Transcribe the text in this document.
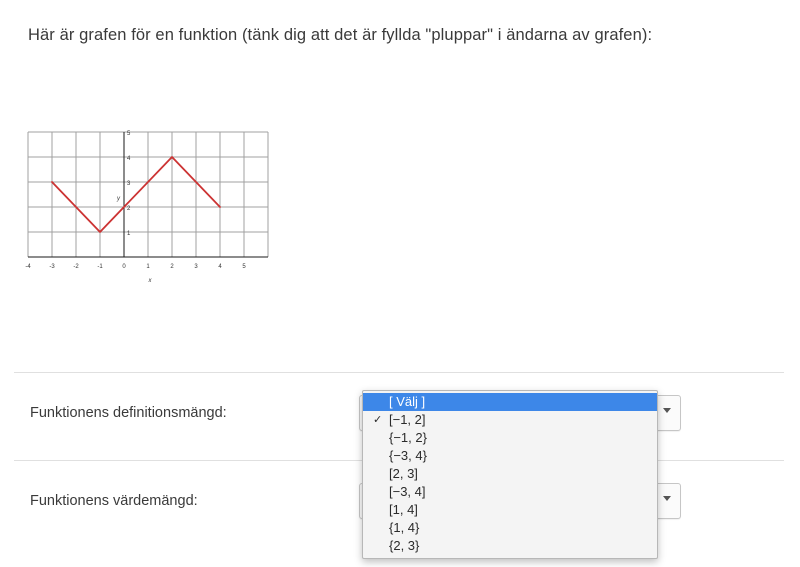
Här är grafen för en funktion (tänk dig att det är fyllda "pluppar" i ändarna av grafen):
5
4
3
2
1
y
-4	-3	-2	-1	0	1	2	3	4	5
x
Funktionens definitionsmängd:
Funktionens värdemängd:
[ Välj ]
✓ [−1, 2]
{−1, 2}
{−3, 4}
[2, 3]
[−3, 4]
[1, 4]
{1, 4}
{2, 3}
